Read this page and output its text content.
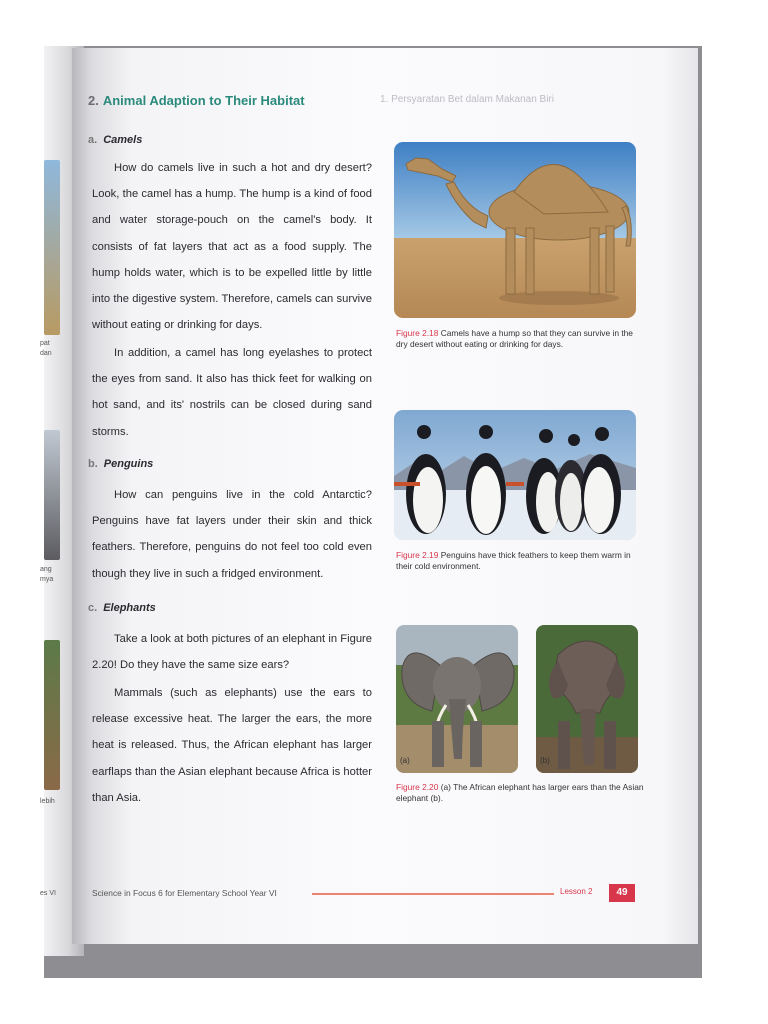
pat
dan
ang
mya
lebih
es VI
1. Persyaratan Bet dalam Makanan Biri
2. Animal Adaption to Their Habitat
a. Camels

How do camels live in such a hot and dry desert? Look, the camel has a hump. The hump is a kind of food and water storage-pouch on the camel's body. It consists of fat layers that act as a food supply. The hump holds water, which is to be expelled little by little into the digestive system. Therefore, camels can survive without eating or drinking for days.

In addition, a camel has long eyelashes to protect the eyes from sand. It also has thick feet for walking on hot sand, and its' nostrils can be closed during sand storms.

b. Penguins

How can penguins live in the cold Antarctic? Penguins have fat layers under their skin and thick feathers. Therefore, penguins do not feel too cold even though they live in such a fridged environment.

c. Elephants

Take a look at both pictures of an elephant in Figure 2.20! Do they have the same size ears?

Mammals (such as elephants) use the ears to release excessive heat. The larger the ears, the more heat is released. Thus, the African elephant has larger earflaps than the Asian elephant because Africa is hotter than Asia.

Figure 2.18 Camels have a hump so that they can survive in the dry desert without eating or drinking for days.
Figure 2.19 Penguins have thick feathers to keep them warm in their cold environment.
(a)	(b)
Figure 2.20 (a) The African elephant has larger ears than the Asian elephant (b).
Science in Focus 6 for Elementary School Year VI	Lesson 2	49
